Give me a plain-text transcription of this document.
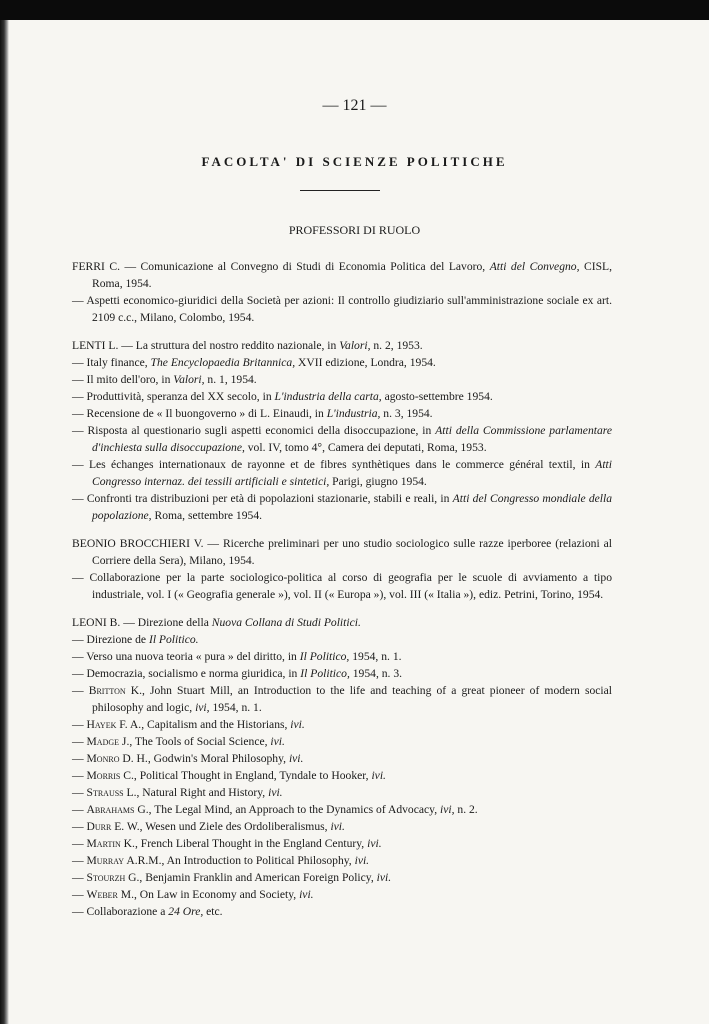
— 121 —
FACOLTA' DI SCIENZE POLITICHE
PROFESSORI DI RUOLO
FERRI C. — Comunicazione al Convegno di Studi di Economia Politica del Lavoro, Atti del Convegno, CISL, Roma, 1954.
— Aspetti economico-giuridici della Società per azioni: Il controllo giudiziario sull'amministrazione sociale ex art. 2109 c.c., Milano, Colombo, 1954.
LENTI L. — La struttura del nostro reddito nazionale, in Valori, n. 2, 1953.
— Italy finance, The Encyclopaedia Britannica, XVII edizione, Londra, 1954.
— Il mito dell'oro, in Valori, n. 1, 1954.
— Produttività, speranza del XX secolo, in L'industria della carta, agosto-settembre 1954.
— Recensione de « Il buongoverno » di L. Einaudi, in L'industria, n. 3, 1954.
— Risposta al questionario sugli aspetti economici della disoccupazione, in Atti della Commissione parlamentare d'inchiesta sulla disoccupazione, vol. IV, tomo 4°, Camera dei deputati, Roma, 1953.
— Les échanges internationaux de rayonne et de fibres synthètiques dans le commerce général textil, in Atti Congresso internaz. dei tessili artificiali e sintetici, Parigi, giugno 1954.
— Confronti tra distribuzioni per età di popolazioni stazionarie, stabili e reali, in Atti del Congresso mondiale della popolazione, Roma, settembre 1954.
BEONIO BROCCHIERI V. — Ricerche preliminari per uno studio sociologico sulle razze iperboree (relazioni al Corriere della Sera), Milano, 1954.
— Collaborazione per la parte sociologico-politica al corso di geografia per le scuole di avviamento a tipo industriale, vol. I (« Geografia generale »), vol. II (« Europa »), vol. III (« Italia »), ediz. Petrini, Torino, 1954.
LEONI B. — Direzione della Nuova Collana di Studi Politici.
— Direzione de Il Politico.
— Verso una nuova teoria « pura » del diritto, in Il Politico, 1954, n. 1.
— Democrazia, socialismo e norma giuridica, in Il Politico, 1954, n. 3.
— Britton K., John Stuart Mill, an Introduction to the life and teaching of a great pioneer of modern social philosophy and logic, ivi, 1954, n. 1.
— Hayek F. A., Capitalism and the Historians, ivi.
— Madge J., The Tools of Social Science, ivi.
— Monro D. H., Godwin's Moral Philosophy, ivi.
— Morris C., Political Thought in England, Tyndale to Hooker, ivi.
— Strauss L., Natural Right and History, ivi.
— Abrahams G., The Legal Mind, an Approach to the Dynamics of Advocacy, ivi, n. 2.
— Durr E. W., Wesen und Ziele des Ordoliberalismus, ivi.
— Martin K., French Liberal Thought in the England Century, ivi.
— Murray A.R.M., An Introduction to Political Philosophy, ivi.
— Stourzh G., Benjamin Franklin and American Foreign Policy, ivi.
— Weber M., On Law in Economy and Society, ivi.
— Collaborazione a 24 Ore, etc.
